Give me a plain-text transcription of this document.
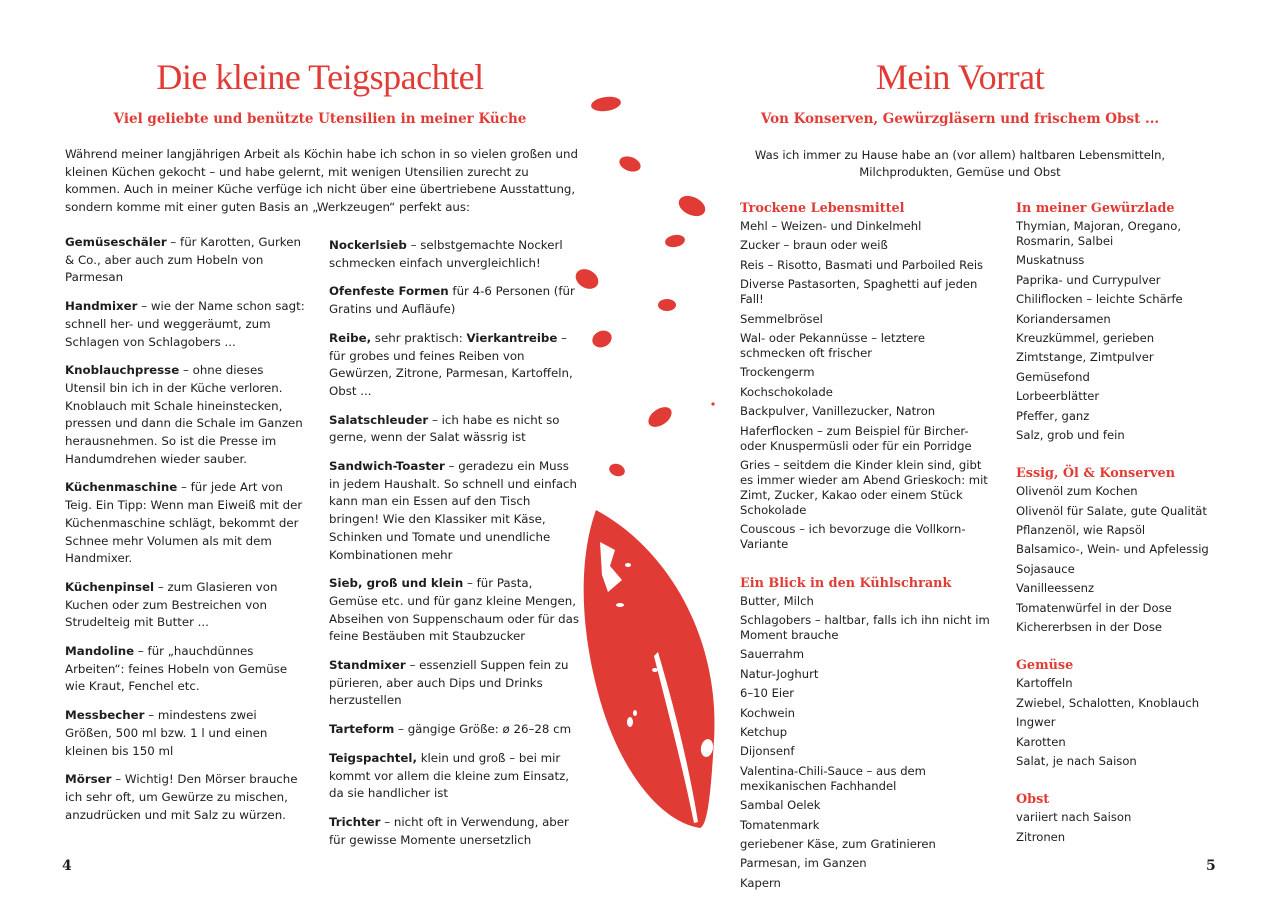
Die kleine Teigspachtel
Viel geliebte und benützte Utensilien in meiner Küche

Während meiner langjährigen Arbeit als Köchin habe ich schon in so vielen großen und kleinen Küchen gekocht – und habe gelernt, mit wenigen Utensilien zurecht zu kommen. Auch in meiner Küche verfüge ich nicht über eine übertriebene Ausstattung, sondern komme mit einer guten Basis an „Werkzeugen“ perfekt aus:

Gemüseschäler – für Karotten, Gurken & Co., aber auch zum Hobeln von Parmesan

Handmixer – wie der Name schon sagt: schnell her- und weggeräumt, zum Schlagen von Schlagobers ...

Knoblauchpresse – ohne dieses Utensil bin ich in der Küche verloren. Knoblauch mit Schale hineinstecken, pressen und dann die Schale im Ganzen herausnehmen. So ist die Presse im Handumdrehen wieder sauber.

Küchenmaschine – für jede Art von Teig. Ein Tipp: Wenn man Eiweiß mit der Küchenmaschine schlägt, bekommt der Schnee mehr Volumen als mit dem Handmixer.

Küchenpinsel – zum Glasieren von Kuchen oder zum Bestreichen von Strudelteig mit Butter ...

Mandoline – für „hauchdünnes Arbeiten“: feines Hobeln von Gemüse wie Kraut, Fenchel etc.

Messbecher – mindestens zwei Größen, 500 ml bzw. 1 l und einen kleinen bis 150 ml

Mörser – Wichtig! Den Mörser brauche ich sehr oft, um Gewürze zu mischen, anzudrücken und mit Salz zu würzen.

Nockerlsieb – selbstgemachte Nockerl schmecken einfach unvergleichlich!

Ofenfeste Formen für 4-6 Personen (für Gratins und Aufläufe)

Reibe, sehr praktisch: Vierkantreibe – für grobes und feines Reiben von Gewürzen, Zitrone, Parmesan, Kartoffeln, Obst ...

Salatschleuder – ich habe es nicht so gerne, wenn der Salat wässrig ist

Sandwich-Toaster – geradezu ein Muss in jedem Haushalt. So schnell und einfach kann man ein Essen auf den Tisch bringen! Wie den Klassiker mit Käse, Schinken und Tomate und unendliche Kombinationen mehr

Sieb, groß und klein – für Pasta, Gemüse etc. und für ganz kleine Mengen, Abseihen von Suppenschaum oder für das feine Bestäuben mit Staubzucker

Standmixer – essenziell Suppen fein zu pürieren, aber auch Dips und Drinks herzustellen

Tarteform – gängige Größe: ø 26–28 cm

Teigspachtel, klein und groß – bei mir kommt vor allem die kleine zum Einsatz, da sie handlicher ist

Trichter – nicht oft in Verwendung, aber für gewisse Momente unersetzlich

4
Mein Vorrat
Von Konserven, Gewürzgläsern und frischem Obst ...

Was ich immer zu Hause habe an (vor allem) haltbaren Lebensmitteln, Milchprodukten, Gemüse und Obst

Trockene Lebensmittel
Mehl – Weizen- und Dinkelmehl
Zucker – braun oder weiß
Reis – Risotto, Basmati und Parboiled Reis
Diverse Pastasorten, Spaghetti auf jeden Fall!
Semmelbrösel
Wal- oder Pekannüsse – letztere schmecken oft frischer
Trockengerm
Kochschokolade
Backpulver, Vanillezucker, Natron
Haferflocken – zum Beispiel für Bircher- oder Knuspermüsli oder für ein Porridge
Gries – seitdem die Kinder klein sind, gibt es immer wieder am Abend Grieskoch: mit Zimt, Zucker, Kakao oder einem Stück Schokolade
Couscous – ich bevorzuge die Vollkorn-Variante
Ein Blick in den Kühlschrank
Butter, Milch
Schlagobers – haltbar, falls ich ihn nicht im Moment brauche
Sauerrahm
Natur-Joghurt
6–10 Eier
Kochwein
Ketchup
Dijonsenf
Valentina-Chili-Sauce – aus dem mexikanischen Fachhandel
Sambal Oelek
Tomatenmark
geriebener Käse, zum Gratinieren
Parmesan, im Ganzen
Kapern
In meiner Gewürzlade
Thymian, Majoran, Oregano, Rosmarin, Salbei
Muskatnuss
Paprika- und Currypulver
Chiliflocken – leichte Schärfe
Koriandersamen
Kreuzkümmel, gerieben
Zimtstange, Zimtpulver
Gemüsefond
Lorbeerblätter
Pfeffer, ganz
Salz, grob und fein
Essig, Öl & Konserven
Olivenöl zum Kochen
Olivenöl für Salate, gute Qualität
Pflanzenöl, wie Rapsöl
Balsamico-, Wein- und Apfelessig
Sojasauce
Vanilleessenz
Tomatenwürfel in der Dose
Kichererbsen in der Dose
Gemüse
Kartoffeln
Zwiebel, Schalotten, Knoblauch
Ingwer
Karotten
Salat, je nach Saison
Obst
variiert nach Saison
Zitronen
5
